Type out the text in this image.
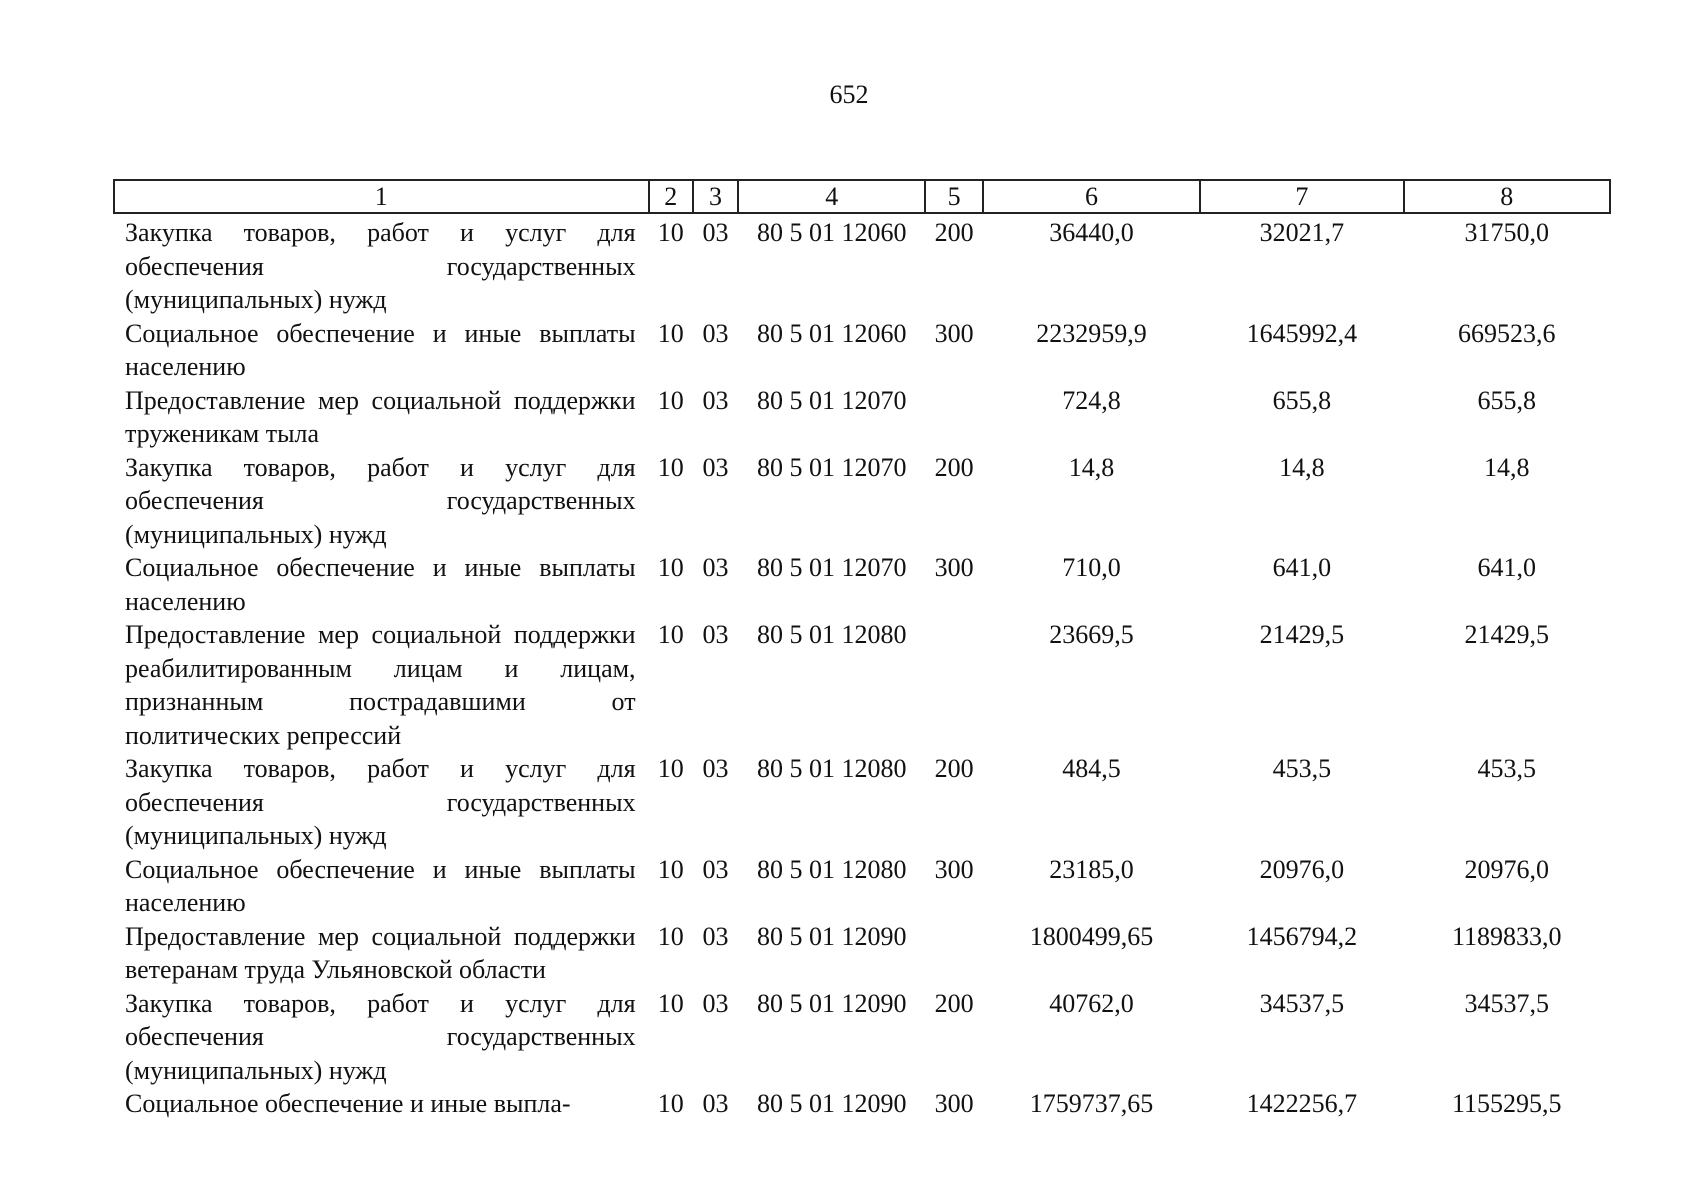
652
1	2	3	4	5	6	7	8
Закупка товаров, работ и услуг для обеспечения государственных (муниципальных) нужд	10	03	80 5 01 12060	200	36440,0	32021,7	31750,0
Социальное обеспечение и иные выплаты населению	10	03	80 5 01 12060	300	2232959,9	1645992,4	669523,6
Предоставление мер социальной поддержки труженикам тыла	10	03	80 5 01 12070		724,8	655,8	655,8
Закупка товаров, работ и услуг для обеспечения государственных (муниципальных) нужд	10	03	80 5 01 12070	200	14,8	14,8	14,8
Социальное обеспечение и иные выплаты населению	10	03	80 5 01 12070	300	710,0	641,0	641,0
Предоставление мер социальной поддержки реабилитированным лицам и лицам, признанным пострадавшими от политических репрессий	10	03	80 5 01 12080		23669,5	21429,5	21429,5
Закупка товаров, работ и услуг для обеспечения государственных (муниципальных) нужд	10	03	80 5 01 12080	200	484,5	453,5	453,5
Социальное обеспечение и иные выплаты населению	10	03	80 5 01 12080	300	23185,0	20976,0	20976,0
Предоставление мер социальной поддержки ветеранам труда Ульяновской области	10	03	80 5 01 12090		1800499,65	1456794,2	1189833,0
Закупка товаров, работ и услуг для обеспечения государственных (муниципальных) нужд	10	03	80 5 01 12090	200	40762,0	34537,5	34537,5
Социальное обеспечение и иные выпла-	10	03	80 5 01 12090	300	1759737,65	1422256,7	1155295,5
